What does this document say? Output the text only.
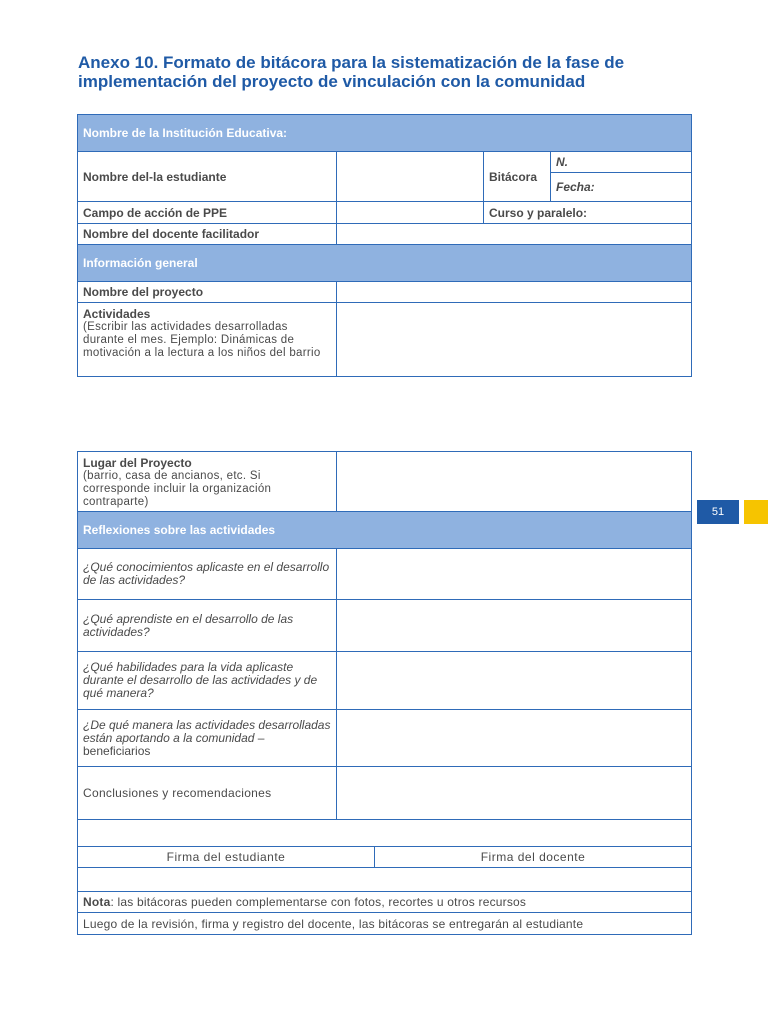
Anexo 10. Formato de bitácora para la sistematización de la fase de implementación del proyecto de vinculación con la comunidad
Nombre de la Institución Educativa:			
Nombre del-la estudiante		Bitácora	N.
			Fecha:
Campo de acción de PPE		Curso y paralelo:	
Nombre del docente facilitador			
Información general			
Nombre del proyecto			

Actividades
(Escribir las actividades desarrolladas durante el mes. Ejemplo: Dinámicas de motivación a la lectura a los niños del barrio			

Lugar del Proyecto
(barrio, casa de ancianos, etc. Si corresponde incluir la organización contraparte)		

Reflexiones sobre las actividades		
¿Qué conocimientos aplicaste en el desarrollo de las actividades?		
¿Qué aprendiste en el desarrollo de las actividades?		
¿Qué habilidades para la vida aplicaste durante el desarrollo de las actividades y de qué manera?		
¿De qué manera las actividades desarrolladas están aportando a la comunidad – beneficiarios		
Conclusiones y recomendaciones		

Firma del estudiante		Firma del docente

Nota: las bitácoras pueden complementarse con fotos, recortes u otros recursos		
Luego de la revisión, firma y registro del docente, las bitácoras se entregarán al estudiante		
51
